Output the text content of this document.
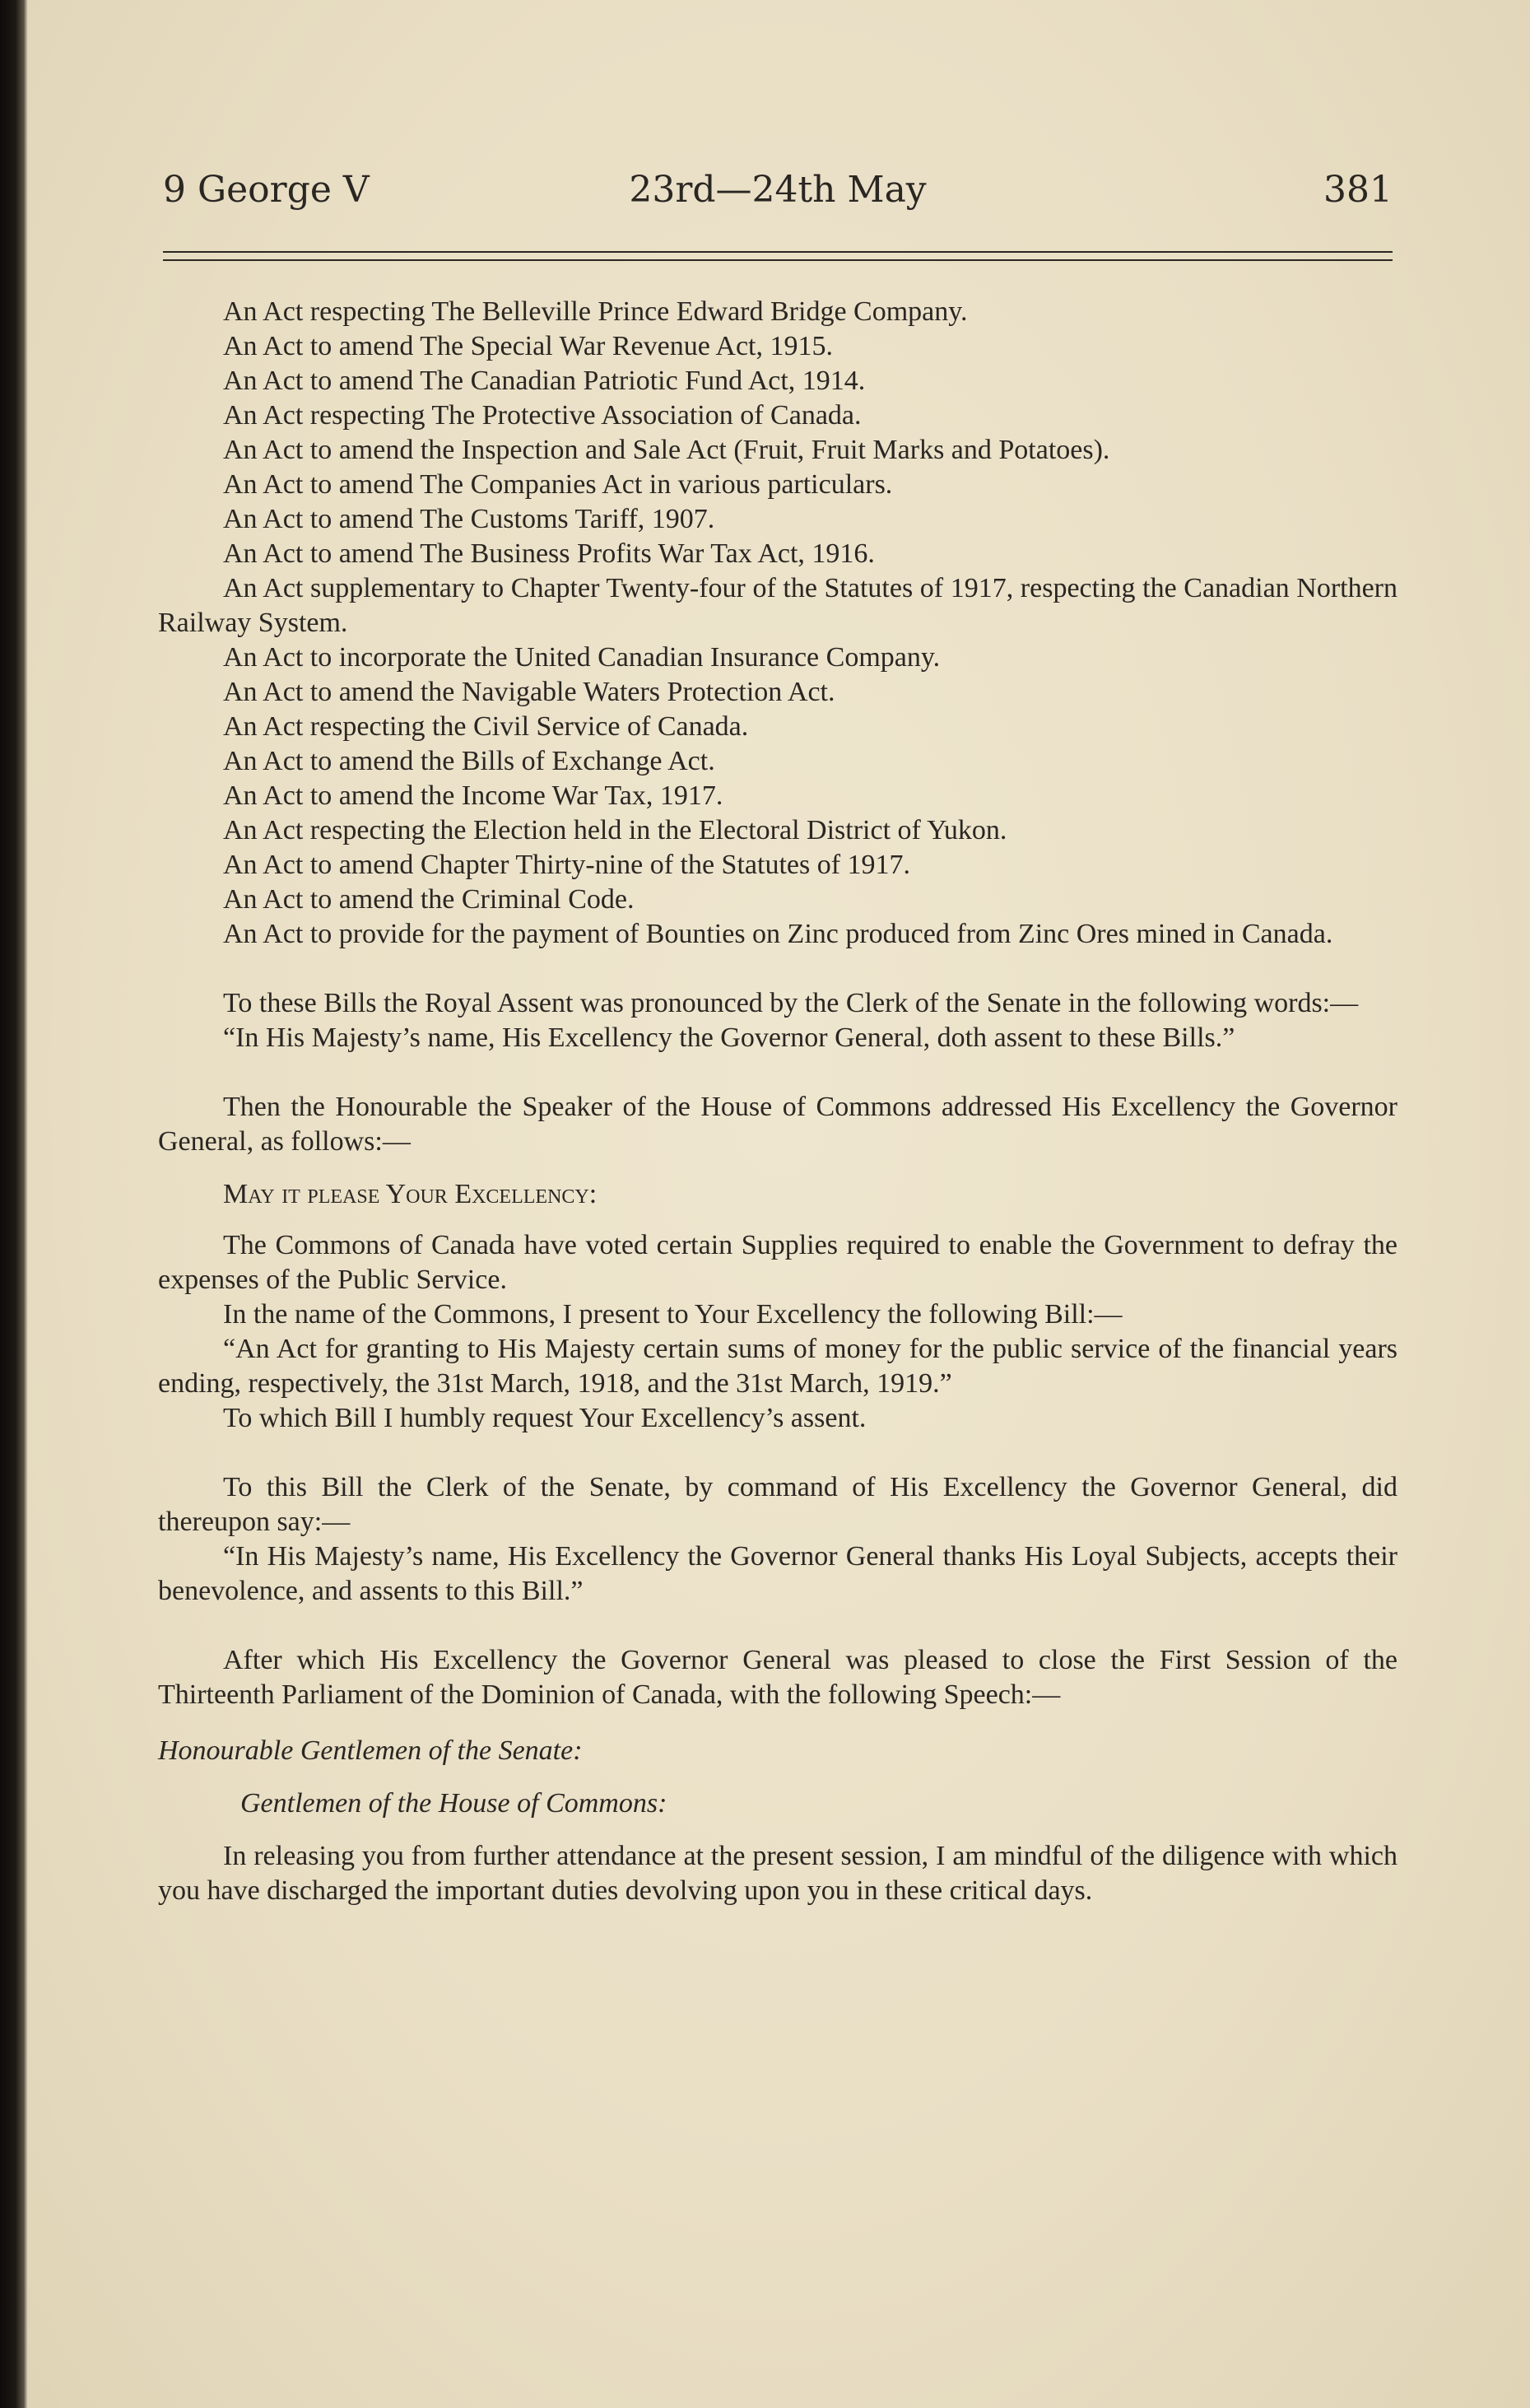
9 George V	23rd—24th May	381

An Act respecting The Belleville Prince Edward Bridge Company.

An Act to amend The Special War Revenue Act, 1915.

An Act to amend The Canadian Patriotic Fund Act, 1914.

An Act respecting The Protective Association of Canada.

An Act to amend the Inspection and Sale Act (Fruit, Fruit Marks and Potatoes).

An Act to amend The Companies Act in various particulars.

An Act to amend The Customs Tariff, 1907.

An Act to amend The Business Profits War Tax Act, 1916.

An Act supplementary to Chapter Twenty-four of the Statutes of 1917, respecting the Canadian Northern Railway System.

An Act to incorporate the United Canadian Insurance Company.

An Act to amend the Navigable Waters Protection Act.

An Act respecting the Civil Service of Canada.

An Act to amend the Bills of Exchange Act.

An Act to amend the Income War Tax, 1917.

An Act respecting the Election held in the Electoral District of Yukon.

An Act to amend Chapter Thirty-nine of the Statutes of 1917.

An Act to amend the Criminal Code.

An Act to provide for the payment of Bounties on Zinc produced from Zinc Ores mined in Canada.

To these Bills the Royal Assent was pronounced by the Clerk of the Senate in the following words:—

“In His Majesty’s name, His Excellency the Governor General, doth assent to these Bills.”

Then the Honourable the Speaker of the House of Commons addressed His Excellency the Governor General, as follows:—

May it please Your Excellency:

The Commons of Canada have voted certain Supplies required to enable the Government to defray the expenses of the Public Service.

In the name of the Commons, I present to Your Excellency the following Bill:—

“An Act for granting to His Majesty certain sums of money for the public service of the financial years ending, respectively, the 31st March, 1918, and the 31st March, 1919.”

To which Bill I humbly request Your Excellency’s assent.

To this Bill the Clerk of the Senate, by command of His Excellency the Governor General, did thereupon say:—

“In His Majesty’s name, His Excellency the Governor General thanks His Loyal Subjects, accepts their benevolence, and assents to this Bill.”

After which His Excellency the Governor General was pleased to close the First Session of the Thirteenth Parliament of the Dominion of Canada, with the following Speech:—

Honourable Gentlemen of the Senate:

Gentlemen of the House of Commons:

In releasing you from further attendance at the present session, I am mindful of the diligence with which you have discharged the important duties devolving upon you in these critical days.
